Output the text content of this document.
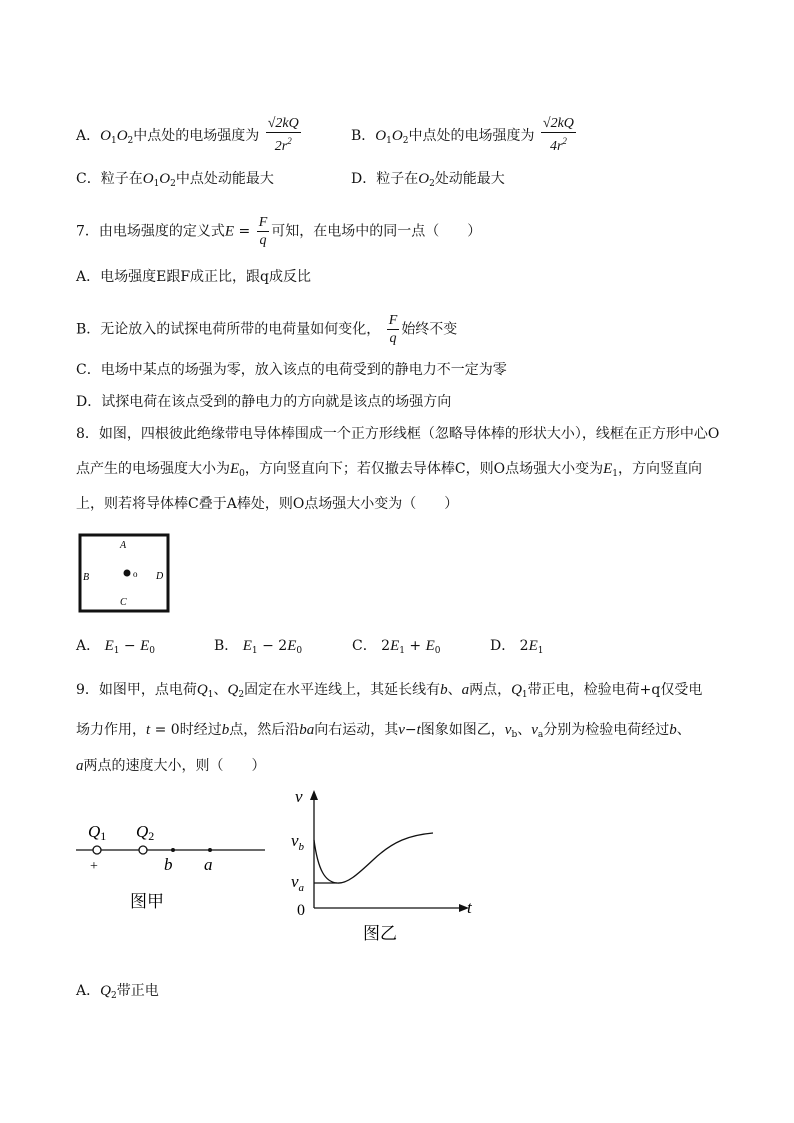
A．$O_1O_2$中点处的电场强度为 $\frac{√2kQ}{2r^2}$	B．$O_1O_2$中点处的电场强度为 $\frac{√2kQ}{4r^2}$
C．粒子在$O_1O_2$中点处动能最大	D．粒子在$O_2$处动能最大
7．由电场强度的定义式$E = \frac{F}{q}$ 可知，在电场中的同一点（　　）
A．电场强度E跟F成正比，跟q成反比
B．无论放入的试探电荷所带的电荷量如何变化， $\frac{F}{q}$ 始终不变
C．电场中某点的场强为零，放入该点的电荷受到的静电力不一定为零
D．试探电荷在该点受到的静电力的方向就是该点的场强方向
8．如图，四根彼此绝缘带电导体棒围成一个正方形线框（忽略导体棒的形状大小），线框在正方形中心O
点产生的电场强度大小为$E_0$，方向竖直向下；若仅撤去导体棒C，则O点场强大小变为$E_1$，方向竖直向
上，则若将导体棒C叠于A棒处，则O点场强大小变为（　　）
A
B	D
C
o
A． $E_1 - E_0$	B． $E_1 - 2E_0$	C． $2E_1 + E_0$	D． $2E_1$
9．如图甲，点电荷$Q_1$、$Q_2$固定在水平连线上，其延长线有b、a两点，$Q_1$带正电，检验电荷+q仅受电
场力作用，t = 0时经过b点，然后沿ba向右运动，其v−t图象如图乙，$v_b$、$v_a$分别为检验电荷经过b、
a两点的速度大小，则（　　）
Q1 Q2
+	b a
图甲
v
$v_b$
$v_a$
0	t
图乙
A．$Q_2$带正电
